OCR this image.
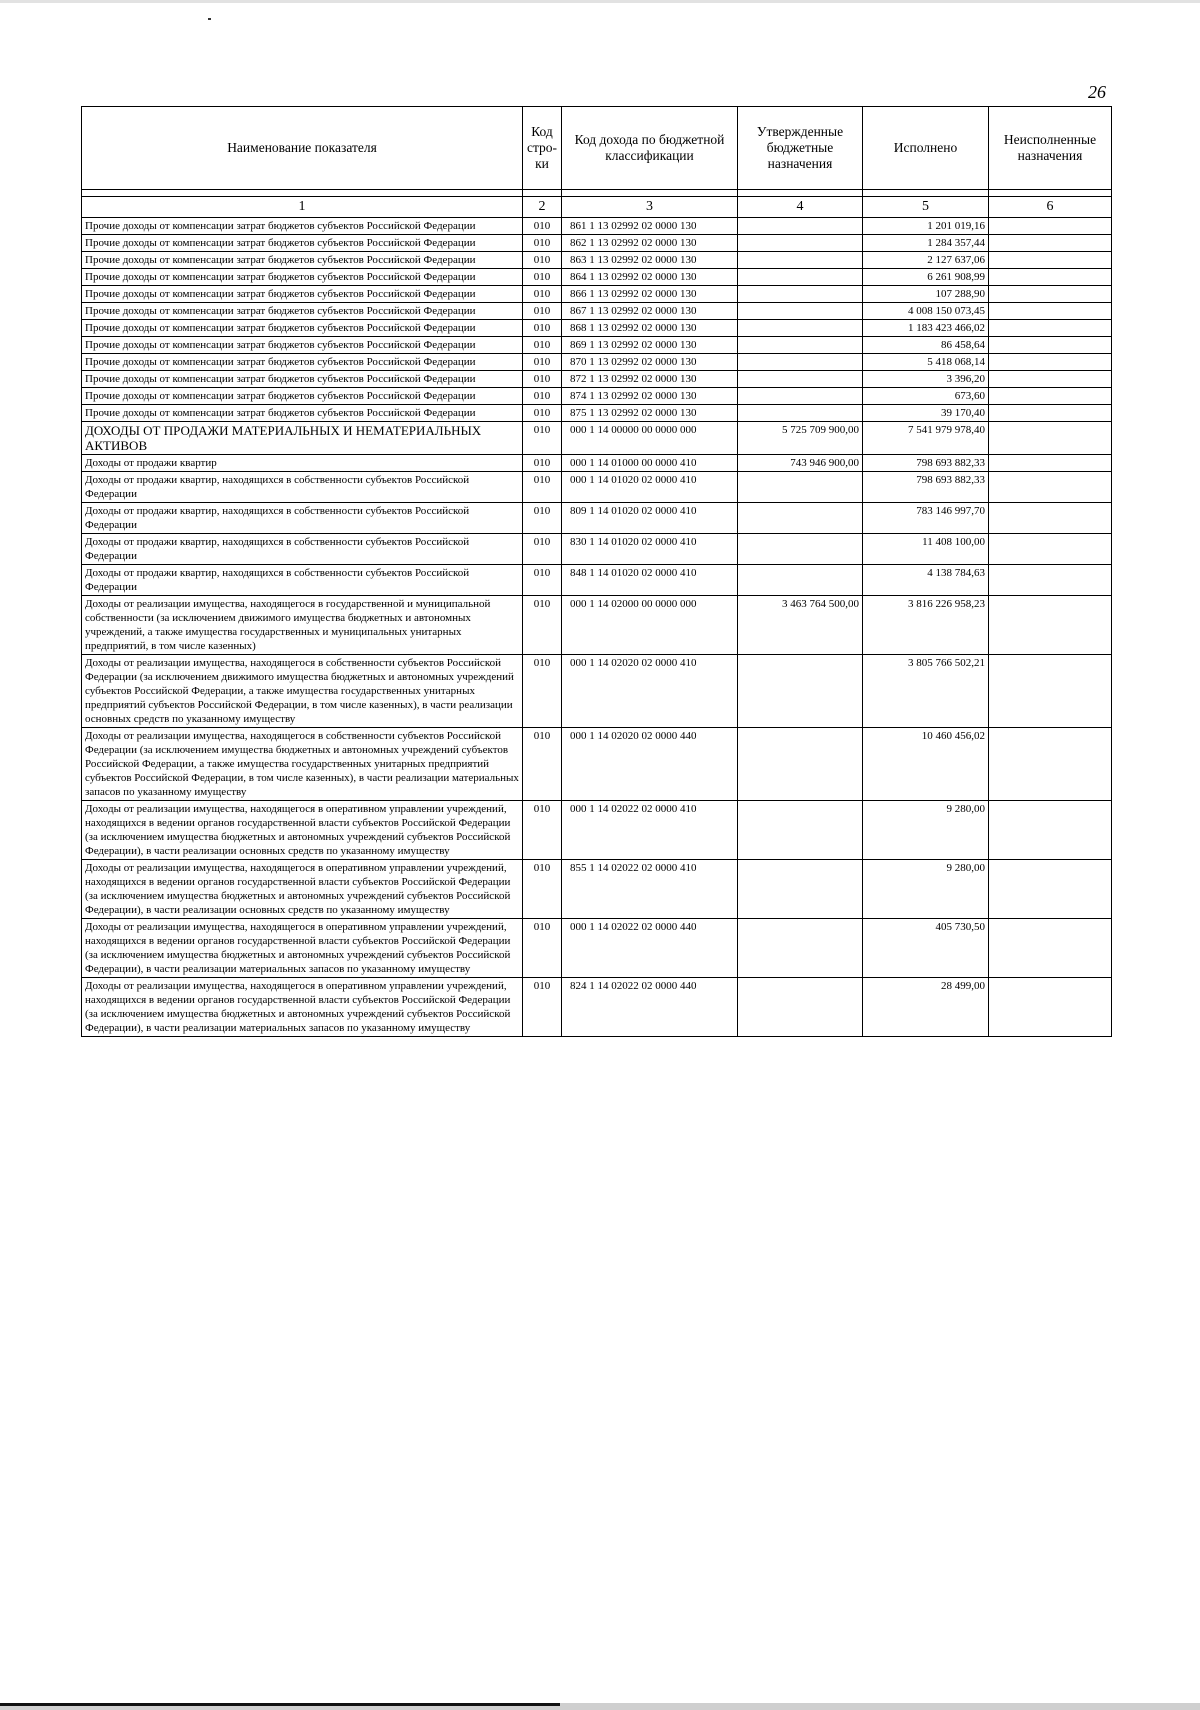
26
Наименование показателя	Код стро-ки	Код дохода по бюджетной классификации	Утвержденные бюджетные назначения	Исполнено	Неисполненные назначения

1	2	3	4	5	6
Прочие доходы от компенсации затрат бюджетов субъектов Российской Федерации	010	861 1 13 02992 02 0000 130		1 201 019,16	
Прочие доходы от компенсации затрат бюджетов субъектов Российской Федерации	010	862 1 13 02992 02 0000 130		1 284 357,44	
Прочие доходы от компенсации затрат бюджетов субъектов Российской Федерации	010	863 1 13 02992 02 0000 130		2 127 637,06	
Прочие доходы от компенсации затрат бюджетов субъектов Российской Федерации	010	864 1 13 02992 02 0000 130		6 261 908,99	
Прочие доходы от компенсации затрат бюджетов субъектов Российской Федерации	010	866 1 13 02992 02 0000 130		107 288,90	
Прочие доходы от компенсации затрат бюджетов субъектов Российской Федерации	010	867 1 13 02992 02 0000 130		4 008 150 073,45	
Прочие доходы от компенсации затрат бюджетов субъектов Российской Федерации	010	868 1 13 02992 02 0000 130		1 183 423 466,02	
Прочие доходы от компенсации затрат бюджетов субъектов Российской Федерации	010	869 1 13 02992 02 0000 130		86 458,64	
Прочие доходы от компенсации затрат бюджетов субъектов Российской Федерации	010	870 1 13 02992 02 0000 130		5 418 068,14	
Прочие доходы от компенсации затрат бюджетов субъектов Российской Федерации	010	872 1 13 02992 02 0000 130		3 396,20	
Прочие доходы от компенсации затрат бюджетов субъектов Российской Федерации	010	874 1 13 02992 02 0000 130		673,60	
Прочие доходы от компенсации затрат бюджетов субъектов Российской Федерации	010	875 1 13 02992 02 0000 130		39 170,40	
ДОХОДЫ ОТ ПРОДАЖИ МАТЕРИАЛЬНЫХ И НЕМАТЕРИАЛЬНЫХ АКТИВОВ	010	000 1 14 00000 00 0000 000	5 725 709 900,00	7 541 979 978,40	
Доходы от продажи квартир	010	000 1 14 01000 00 0000 410	743 946 900,00	798 693 882,33	
Доходы от продажи квартир, находящихся в собственности субъектов Российской Федерации	010	000 1 14 01020 02 0000 410		798 693 882,33	
Доходы от продажи квартир, находящихся в собственности субъектов Российской Федерации	010	809 1 14 01020 02 0000 410		783 146 997,70	
Доходы от продажи квартир, находящихся в собственности субъектов Российской Федерации	010	830 1 14 01020 02 0000 410		11 408 100,00	
Доходы от продажи квартир, находящихся в собственности субъектов Российской Федерации	010	848 1 14 01020 02 0000 410		4 138 784,63	
Доходы от реализации имущества, находящегося в государственной и муниципальной собственности (за исключением движимого имущества бюджетных и автономных учреждений, а также имущества государственных и муниципальных унитарных предприятий, в том числе казенных)	010	000 1 14 02000 00 0000 000	3 463 764 500,00	3 816 226 958,23	
Доходы от реализации имущества, находящегося в собственности субъектов Российской Федерации (за исключением движимого имущества бюджетных и автономных учреждений субъектов Российской Федерации, а также имущества государственных унитарных предприятий субъектов Российской Федерации, в том числе казенных), в части реализации основных средств по указанному имуществу	010	000 1 14 02020 02 0000 410		3 805 766 502,21	
Доходы от реализации имущества, находящегося в собственности субъектов Российской Федерации (за исключением имущества бюджетных и автономных учреждений субъектов Российской Федерации, а также имущества государственных унитарных предприятий субъектов Российской Федерации, в том числе казенных), в части реализации материальных запасов по указанному имуществу	010	000 1 14 02020 02 0000 440		10 460 456,02	
Доходы от реализации имущества, находящегося в оперативном управлении учреждений, находящихся в ведении органов государственной власти субъектов Российской Федерации (за исключением имущества бюджетных и автономных учреждений субъектов Российской Федерации), в части реализации основных средств по указанному имуществу	010	000 1 14 02022 02 0000 410		9 280,00	
Доходы от реализации имущества, находящегося в оперативном управлении учреждений, находящихся в ведении органов государственной власти субъектов Российской Федерации (за исключением имущества бюджетных и автономных учреждений субъектов Российской Федерации), в части реализации основных средств по указанному имуществу	010	855 1 14 02022 02 0000 410		9 280,00	
Доходы от реализации имущества, находящегося в оперативном управлении учреждений, находящихся в ведении органов государственной власти субъектов Российской Федерации (за исключением имущества бюджетных и автономных учреждений субъектов Российской Федерации), в части реализации материальных запасов по указанному имуществу	010	000 1 14 02022 02 0000 440		405 730,50	
Доходы от реализации имущества, находящегося в оперативном управлении учреждений, находящихся в ведении органов государственной власти субъектов Российской Федерации (за исключением имущества бюджетных и автономных учреждений субъектов Российской Федерации), в части реализации материальных запасов по указанному имуществу	010	824 1 14 02022 02 0000 440		28 499,00	
